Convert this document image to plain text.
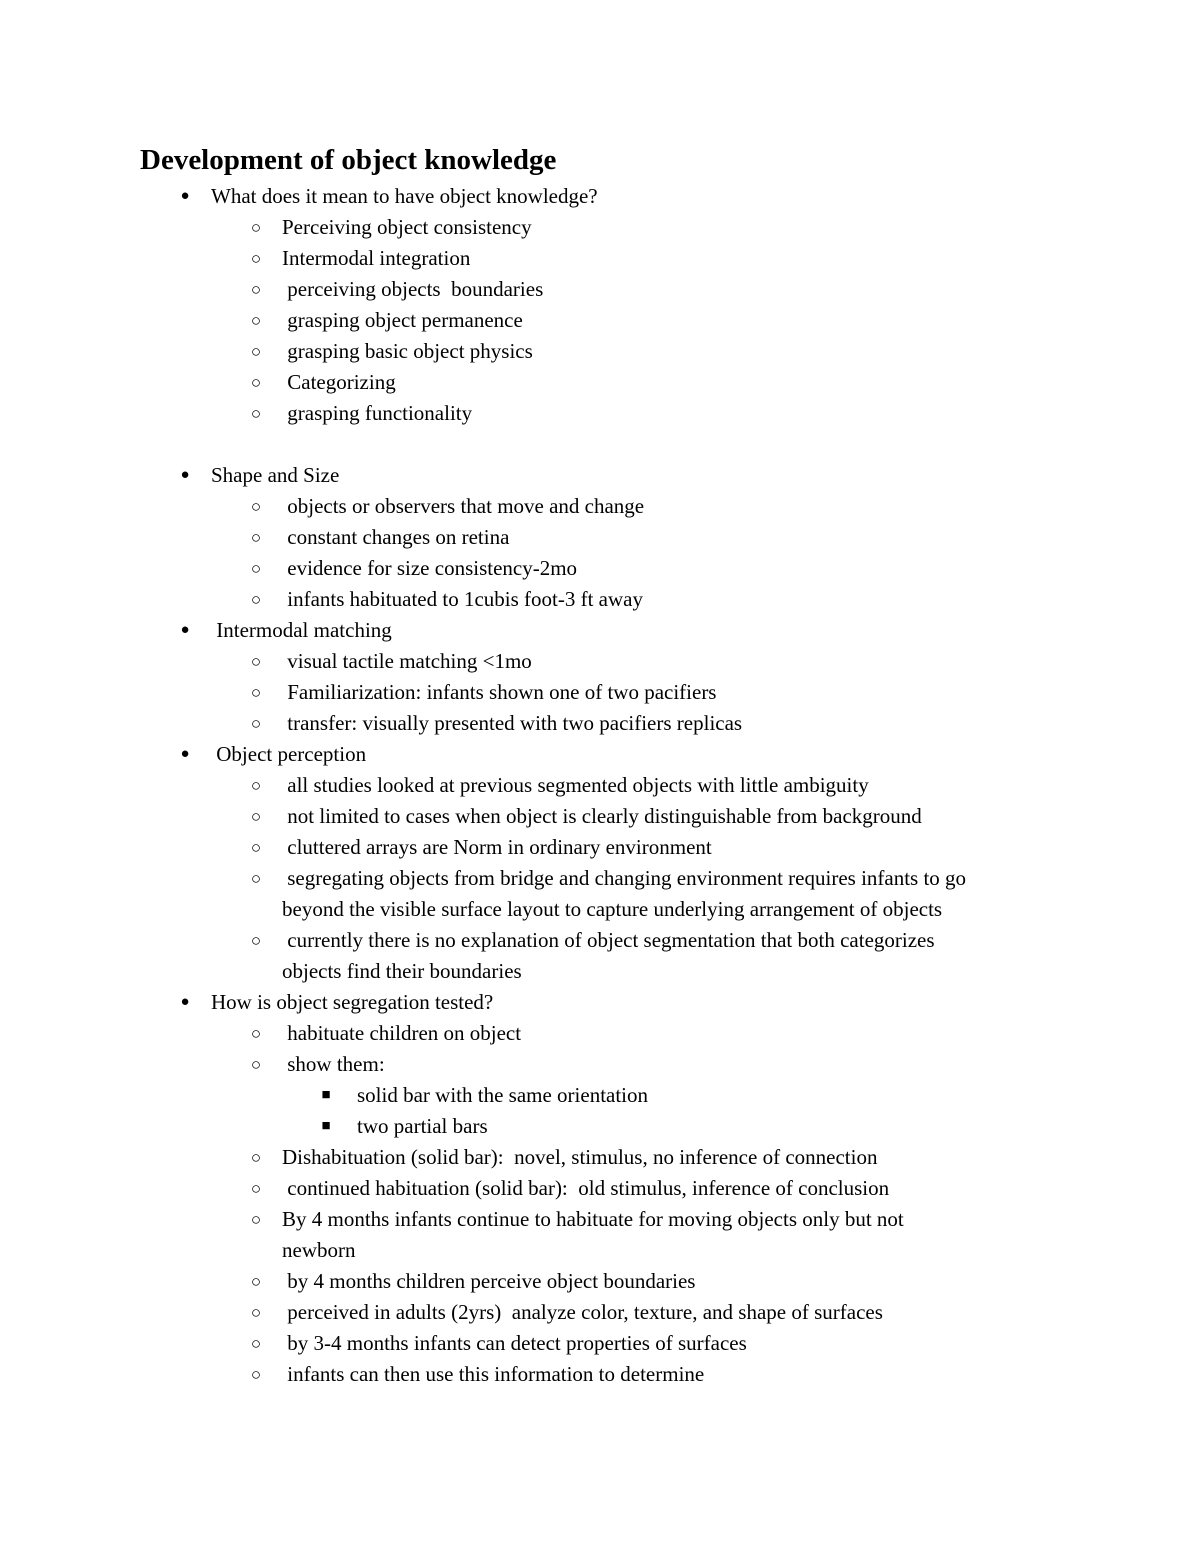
Development of object knowledge
● What does it mean to have object knowledge?
○ Perceiving object consistency
○ Intermodal integration
○ perceiving objects  boundaries
○ grasping object permanence
○ grasping basic object physics
○ Categorizing
○ grasping functionality
● Shape and Size
○ objects or observers that move and change
○ constant changes on retina
○ evidence for size consistency-2mo
○ infants habituated to 1cubis foot-3 ft away
● Intermodal matching
○ visual tactile matching <1mo
○ Familiarization: infants shown one of two pacifiers
○ transfer: visually presented with two pacifiers replicas
● Object perception
○ all studies looked at previous segmented objects with little ambiguity
○ not limited to cases when object is clearly distinguishable from background
○ cluttered arrays are Norm in ordinary environment
○ segregating objects from bridge and changing environment requires infants to go
beyond the visible surface layout to capture underlying arrangement of objects
○ currently there is no explanation of object segmentation that both categorizes
objects find their boundaries
● How is object segregation tested?
○ habituate children on object
○ show them:
■ solid bar with the same orientation
■ two partial bars
○ Dishabituation (solid bar):  novel, stimulus, no inference of connection
○ continued habituation (solid bar):  old stimulus, inference of conclusion
○ By 4 months infants continue to habituate for moving objects only but not
newborn
○ by 4 months children perceive object boundaries
○ perceived in adults (2yrs)  analyze color, texture, and shape of surfaces
○ by 3-4 months infants can detect properties of surfaces
○ infants can then use this information to determine
